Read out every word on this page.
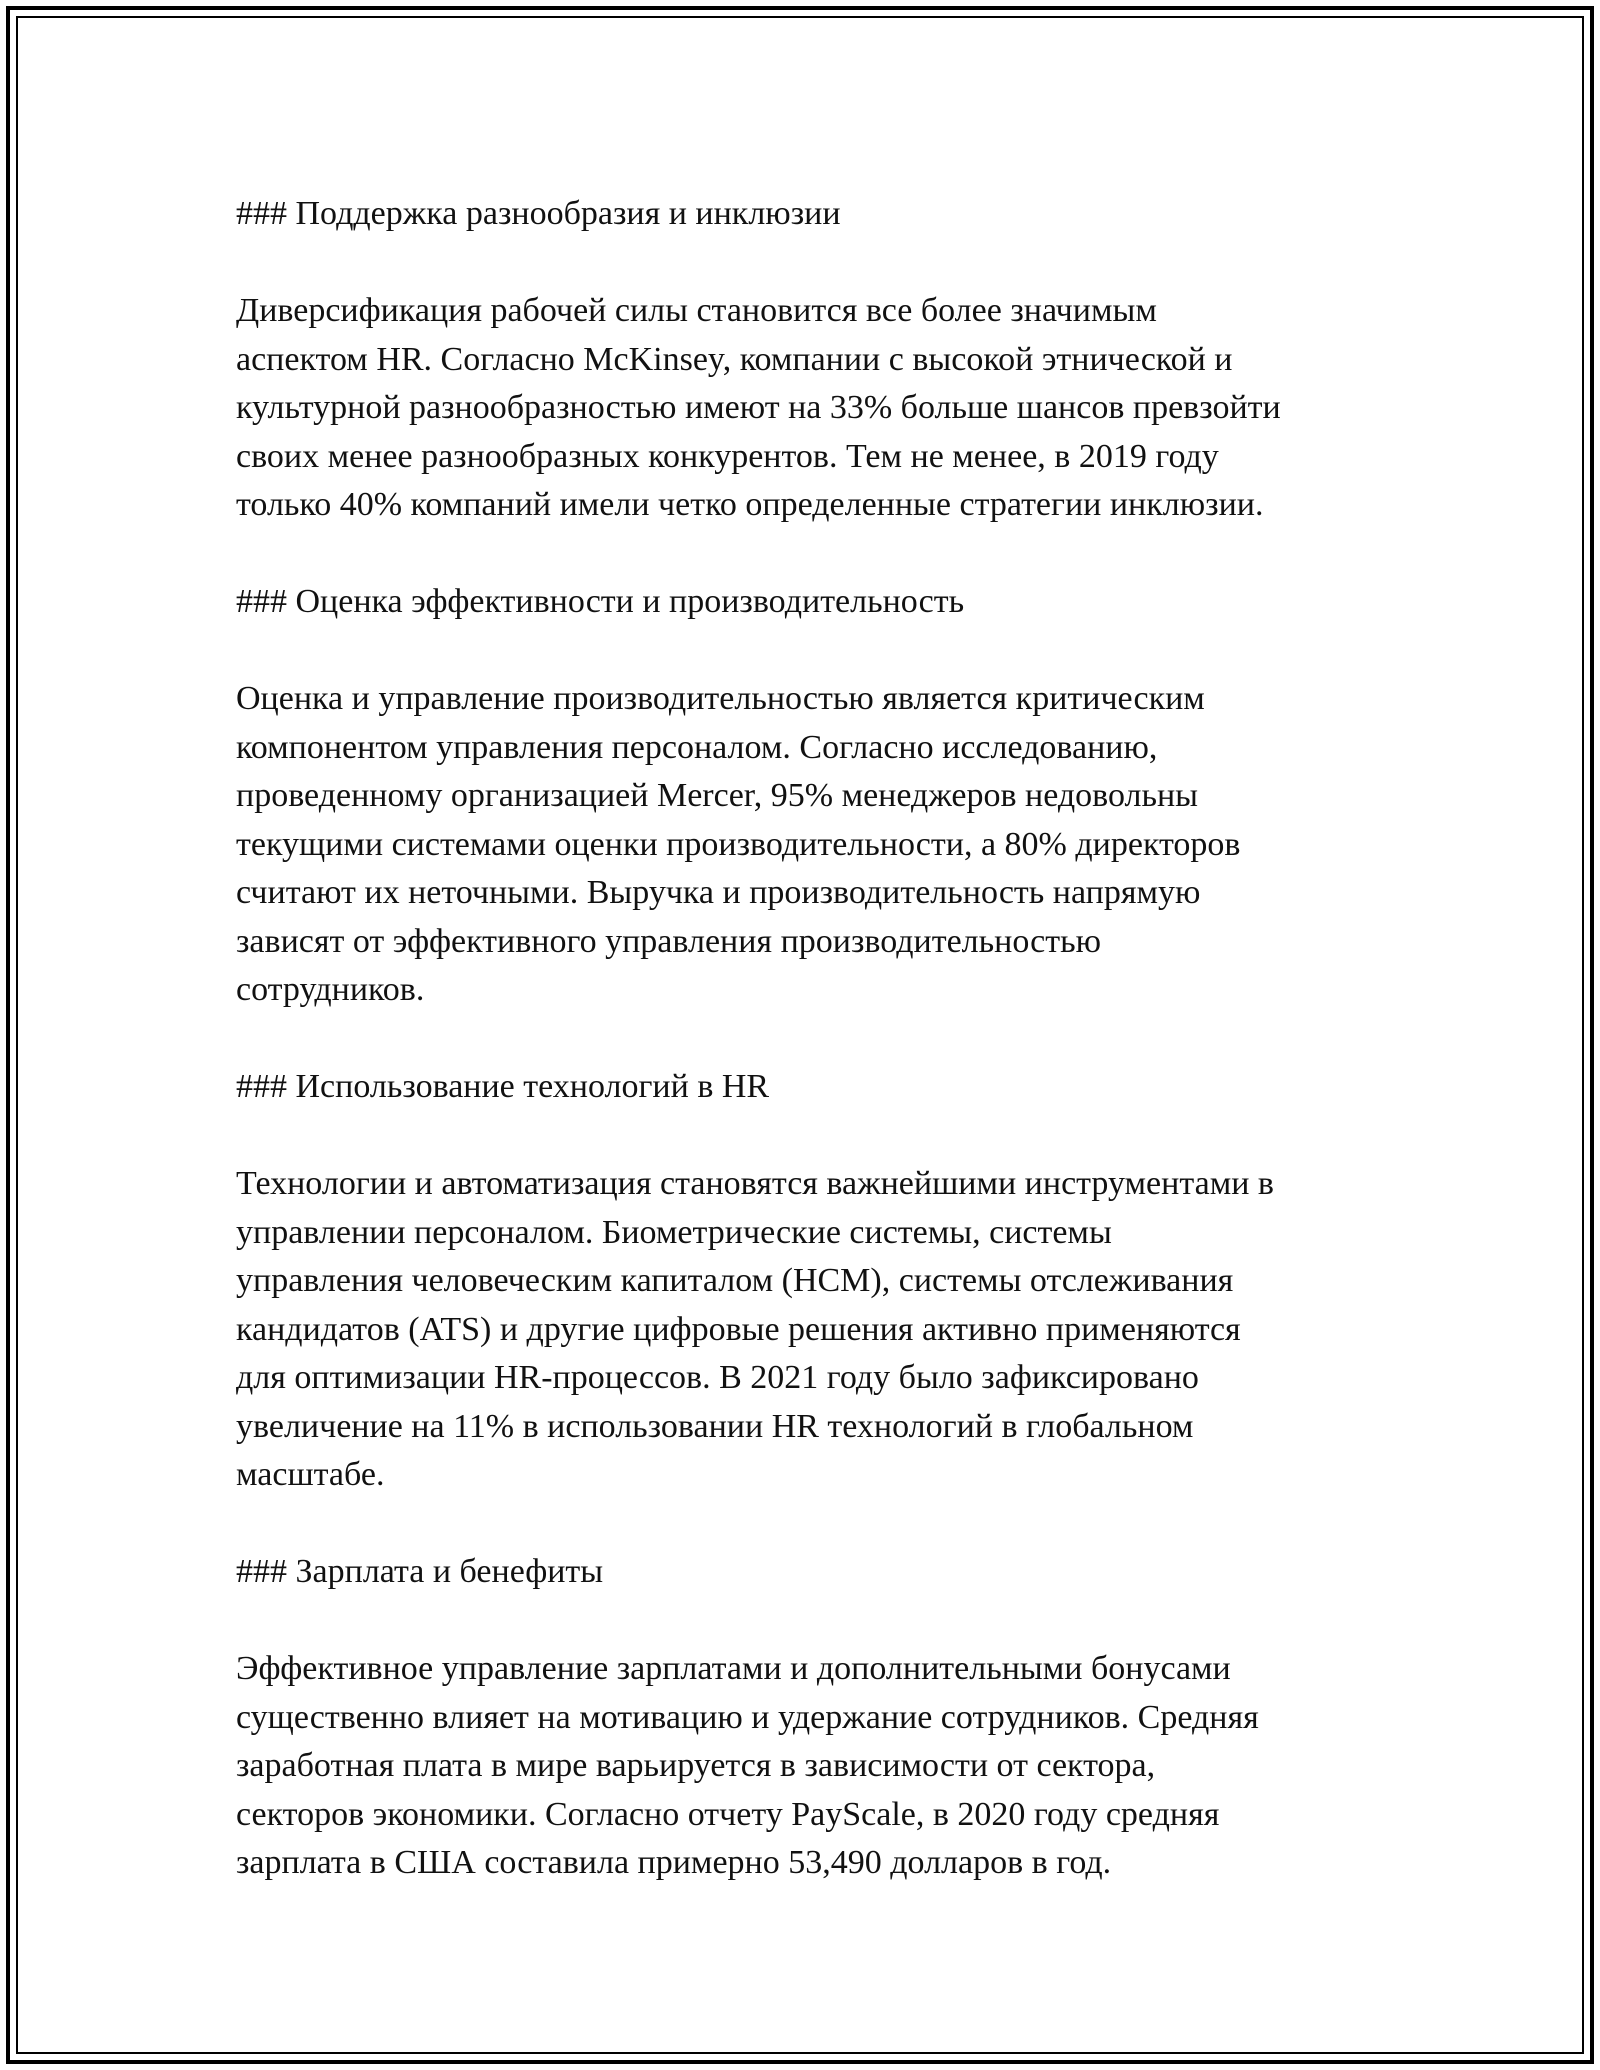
### Поддержка разнообразия и инклюзии
Диверсификация рабочей силы становится все более значимым
аспектом HR. Согласно McKinsey, компании с высокой этнической и
культурной разнообразностью имеют на 33% больше шансов превзойти
своих менее разнообразных конкурентов. Тем не менее, в 2019 году
только 40% компаний имели четко определенные стратегии инклюзии.
### Оценка эффективности и производительность
Оценка и управление производительностью является критическим
компонентом управления персоналом. Согласно исследованию,
проведенному организацией Mercer, 95% менеджеров недовольны
текущими системами оценки производительности, а 80% директоров
считают их неточными. Выручка и производительность напрямую
зависят от эффективного управления производительностью
сотрудников.
### Использование технологий в HR
Технологии и автоматизация становятся важнейшими инструментами в
управлении персоналом. Биометрические системы, системы
управления человеческим капиталом (HCM), системы отслеживания
кандидатов (ATS) и другие цифровые решения активно применяются
для оптимизации HR-процессов. В 2021 году было зафиксировано
увеличение на 11% в использовании HR технологий в глобальном
масштабе.
### Зарплата и бенефиты
Эффективное управление зарплатами и дополнительными бонусами
существенно влияет на мотивацию и удержание сотрудников. Средняя
заработная плата в мире варьируется в зависимости от сектора,
секторов экономики. Согласно отчету PayScale, в 2020 году средняя
зарплата в США составила примерно 53,490 долларов в год.
